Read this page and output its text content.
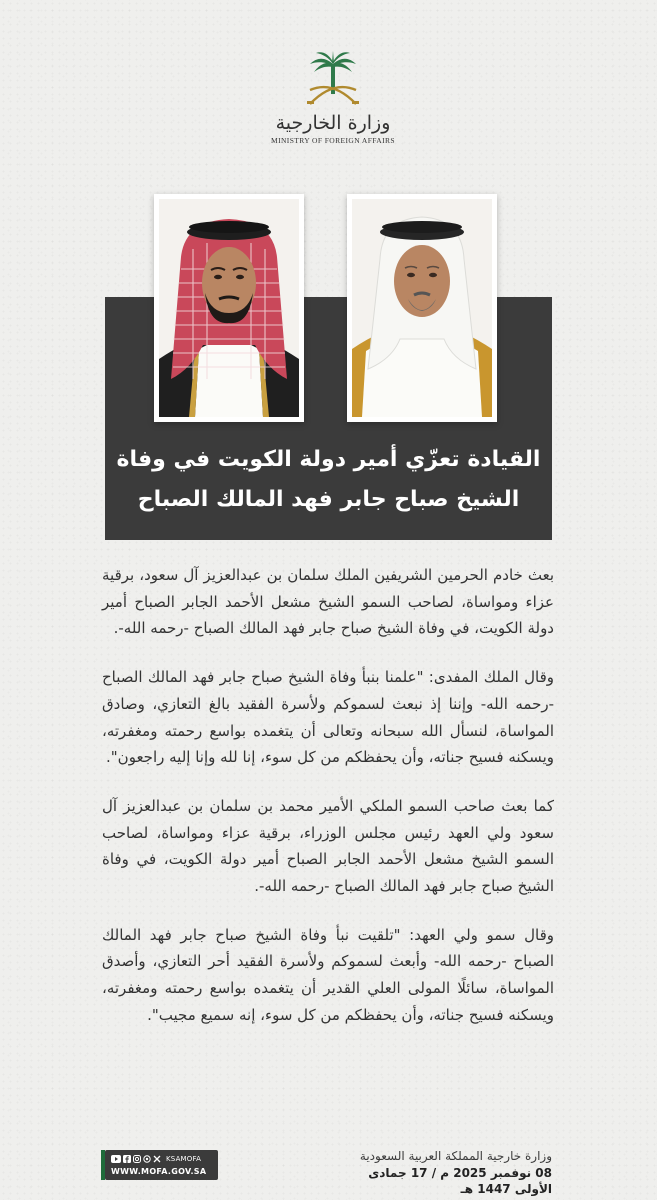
وزارة الخارجية
MINISTRY OF FOREIGN AFFAIRS
القيادة تعزّي أمير دولة الكويت في وفاة
الشيخ صباح جابر فهد المالك الصباح

بعث خادم الحرمين الشريفين الملك سلمان بن عبدالعزيز آل سعود، برقية عزاء ومواساة، لصاحب السمو الشيخ مشعل الأحمد الجابر الصباح أمير دولة الكويت، في وفاة الشيخ صباح جابر فهد المالك الصباح -رحمه الله-.

وقال الملك المفدى: "علمنا بنبأ وفاة الشيخ صباح جابر فهد المالك الصباح -رحمه الله- وإننا إذ نبعث لسموكم ولأسرة الفقيد بالغ التعازي، وصادق المواساة، لنسأل الله سبحانه وتعالى أن يتغمده بواسع رحمته ومغفرته، ويسكنه فسيح جناته، وأن يحفظكم من كل سوء، إنا لله وإنا إليه راجعون".

كما بعث صاحب السمو الملكي الأمير محمد بن سلمان بن عبدالعزيز آل سعود ولي العهد رئيس مجلس الوزراء، برقية عزاء ومواساة، لصاحب السمو الشيخ مشعل الأحمد الجابر الصباح أمير دولة الكويت، في وفاة الشيخ صباح جابر فهد المالك الصباح -رحمه الله-.

وقال سمو ولي العهد: "تلقيت نبأ وفاة الشيخ صباح جابر فهد المالك الصباح -رحمه الله- وأبعث لسموكم ولأسرة الفقيد أحر التعازي، وأصدق المواساة، سائلًا المولى العلي القدير أن يتغمده بواسع رحمته ومغفرته، ويسكنه فسيح جناته، وأن يحفظكم من كل سوء، إنه سميع مجيب".

وزارة خارجية المملكة العربية السعودية
08 نوفمبر 2025 م / 17 جمادى الأولى 1447 هـ
KSAMOFA
WWW.MOFA.GOV.SA
